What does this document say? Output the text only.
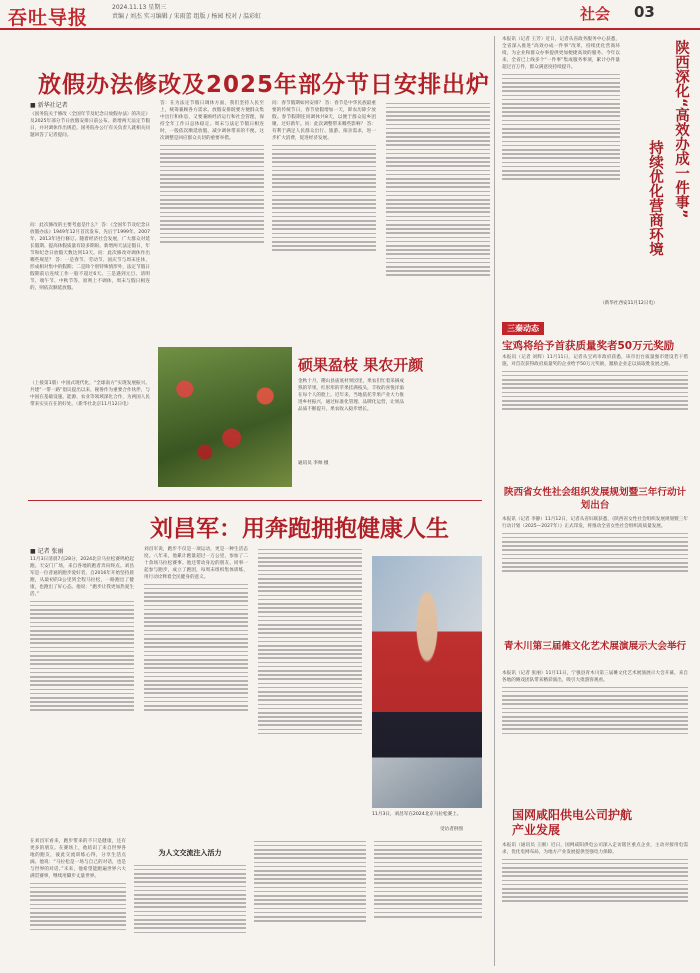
吞吐导报	2024.11.13 星期三
责编 / 刘杰 实习编辑 / 宋雨蕾 组版 / 杨园 校对 / 温彩虹	社会 03
放假办法修改及2025年部分节日安排出炉
■ 新华社记者
《国务院关于修改〈全国年节及纪念日放假办法〉的决定》及2025年部分节日放假安排日前公布。新增两天法定节假日，并对调休作出规范。国务院办公厅有关负责人就相关问题回答了记者提问。
问：此次修改的主要考虑是什么？ 答：《全国年节及纪念日放假办法》1949年12月首次发布，先后于1999年、2007年、2013年进行修订。随着经济社会发展，广大群众对延长假期、提高休假质量有较多期盼。新增两天法定假日，年节和纪念日放假天数达到13天。问：此次修改对调休作出哪些规范？ 答：一是春节、劳动节、国庆节与周末连休，形成相对集中的假期；二是除个别特殊情形外，法定节假日假期前后连续工作一般不超过6天。三是遇到元旦、清明节、端午节、中秋节等，原则上不调休，周末与假日相连的，则依次顺延放假。
（上接第1版）中国式现代化，“全球南方”实现发展振兴。共建“一带一路”倡议提出以来，秘鲁作为重要合作伙伴，与中国在基础设施、能源、农业等领域深化合作，为两国人民带来实实在在的好处。（新华社北京11月12日电）
答：在为法定节假日调休方面，我们坚持人民至上，统筹兼顾各方需求。放假安排既要方便群众集中出行和休息，又要兼顾经济运行和社会管理，保持全年工作日总体稳定。周末与法定节假日相连时，一般依次顺延放假，减少调休带来的不便。这次调整是回应群众关切的重要举措。
问：春节假期如何安排？ 答：春节是中华民族最重要的传统节日，春节放假增加一天，即农历除夕放假。春节假期连同调休共8天，以便于群众返乡团聚、过好新年。问：此次调整带来哪些影响？ 答：有利于满足人民群众出行、旅游、探亲需求，进一步扩大消费，促进经济发展。
硕果盈枝 果农开颜
金秋十月，稷山县庙底村果园里，果农们忙着采摘成熟的苹果，红彤彤的苹果挂满枝头，丰收的喜悦洋溢在每个人的脸上。近年来，当地依托苹果产业大力推进乡村振兴，通过标准化管理、品牌化运营，让果品品质不断提升，果农收入稳步增长。
通讯员 李帅 摄
刘昌军：用奔跑拥抱健康人生
■ 记者 张丽
11月3日清晨7点28分，2024北京马拉松赛鸣枪起跑。天安门广场，来自各地的跑者奔向终点。刘昌军是一位普通的跑步爱好者，自2016年开始坚持晨跑，从最初的3公里到全程马拉松，一路跑出了健康，也跑出了好心态。他说：“跑步让我更加热爱生活。”
刘昌军说，跑步不仅是一项运动，更是一种生活态度。八年来，他累计跑量超过一万公里，参加了二十余场马拉松赛事。他还带动身边的朋友、同事一起参与跑步，成立了跑团，每周末组织集体训练，用行动诠释着全民健身的意义。
11月3日，刘昌军在2024北京马拉松赛上。
受访者供图
为人文交流注入活力
在刘昌军看来，跑步带来的不只是健康，还有更多的朋友。在赛场上，他结识了来自世界各地的跑友，彼此交流训练心得，分享生活点滴。他说：“马拉松是一场与自己的对话，也是与世界的对话。”未来，他希望能跑遍世界六大满贯赛事，继续用脚步丈量世界。
本报讯（记者 王芳）近日，记者从省政务服务中心获悉，全省深入推进“高效办成一件事”改革，持续优化营商环境，为企业和群众办事提供更加便捷高效的服务。今年以来，全省已上线多个“一件事”集成服务事项，累计办件量超过百万件，群众满意度持续提升。	陕西深化“高效办成一件事”
持续优化营商环境
三秦动态
宝鸡将给予首获质量奖者50万元奖励
本报讯（记者 刘辉）11月11日，记者从宝鸡市政府获悉，该市出台质量强市建设若干措施，对首次获得政府质量奖的企业给予50万元奖励，激励企业走以质取胜发展之路。
陕西省女性社会组织发展规划暨三年行动计划出台
本报讯（记者 李静）11月12日，记者从省妇联获悉，《陕西省女性社会组织发展规划暨三年行动计划（2025—2027年）》正式印发，将推动全省女性社会组织高质量发展。
青木川第三届傩文化艺术展演展示大会举行
本报讯（记者 张丽）11月11日，宁强县青木川第三届傩文化艺术展演展示大会开幕，来自各地的傩戏团队带来精彩演出，吸引大批游客观看。
国网咸阳供电公司护航产业发展
本报讯（通讯员 王刚）近日，国网咸阳供电公司深入走访辖区重点企业，主动对接用电需求，优化电网布局，为地方产业发展提供坚强电力保障。
（新华社西安11月12日电）
